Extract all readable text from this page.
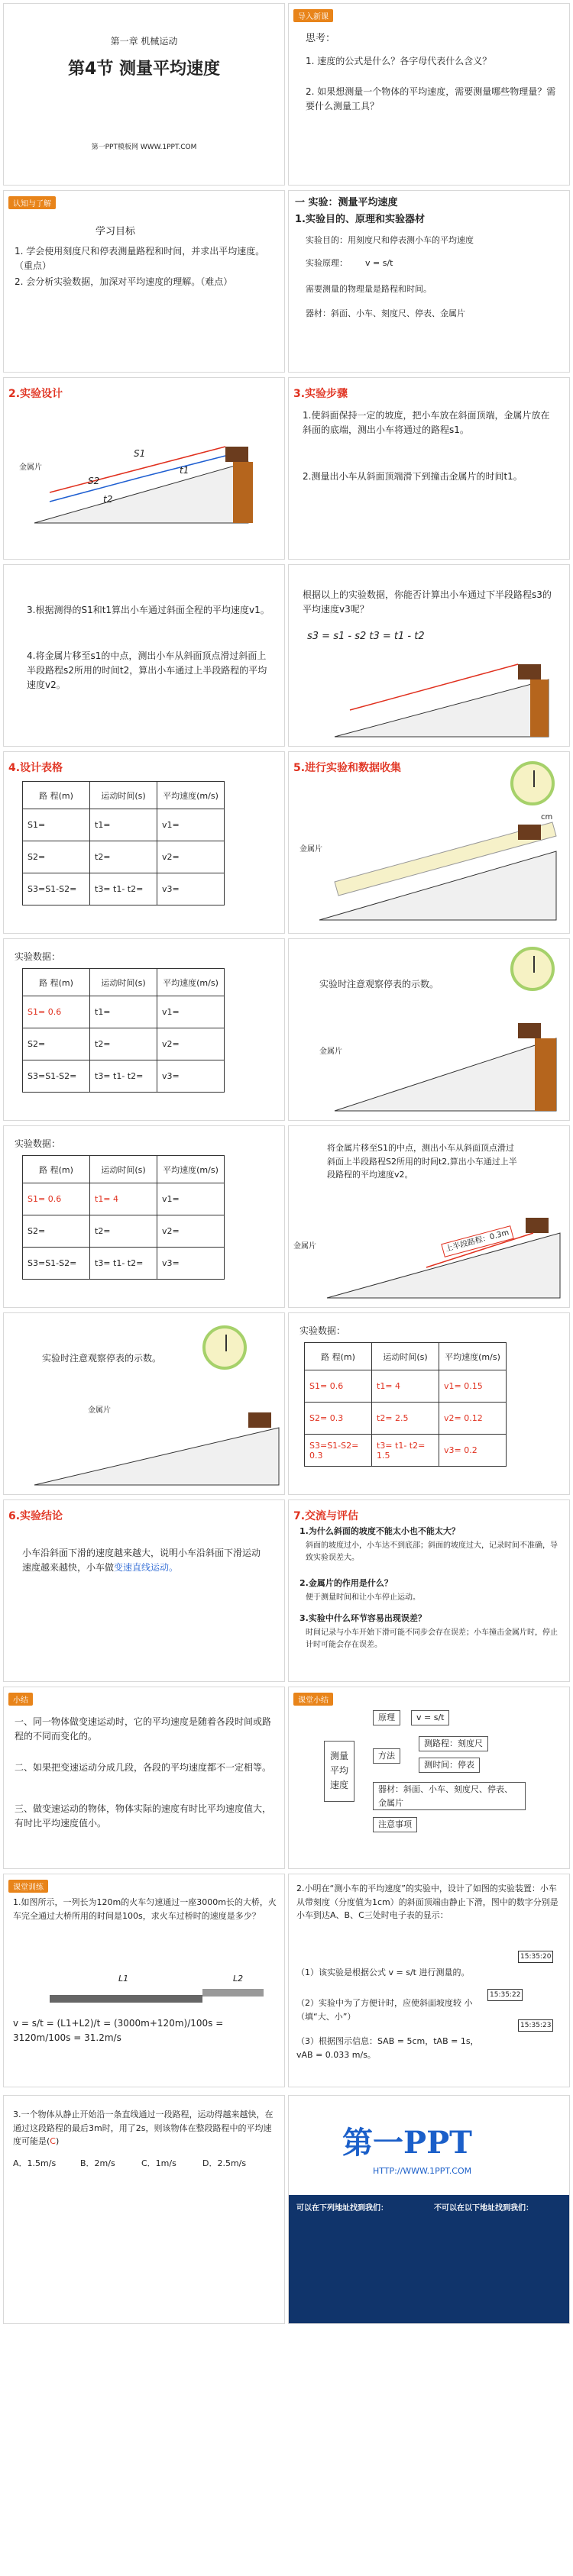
第一章 机械运动
第4节 测量平均速度
第一PPT模板网 WWW.1PPT.COM
导入新课
思考：
1. 速度的公式是什么？各字母代表什么含义？
2. 如果想测量一个物体的平均速度，需要测量哪些物理量？需要什么测量工具？
认知与了解
学习目标
1. 学会使用刻度尺和停表测量路程和时间，并求出平均速度。（重点）
2. 会分析实验数据，加深对平均速度的理解。（难点）
一 实验：测量平均速度
1.实验目的、原理和实验器材
实验目的：用刻度尺和停表测小车的平均速度
实验原理： v = s/t
需要测量的物理量是路程和时间。
器材：斜面、小车、刻度尺、停表、金属片
2.实验设计
金属片
S1
S2
t1
t2
3.实验步骤
1.使斜面保持一定的坡度，把小车放在斜面顶端，金属片放在斜面的底端，测出小车将通过的路程s1。
2.测量出小车从斜面顶端滑下到撞击金属片的时间t1。
3.根据测得的S1和t1算出小车通过斜面全程的平均速度v1。
4.将金属片移至s1的中点，测出小车从斜面顶点滑过斜面上半段路程s2所用的时间t2，算出小车通过上半段路程的平均速度v2。
根据以上的实验数据，你能否计算出小车通过下半段路程s3的平均速度v3呢？
s3 = s1 - s2 t3 = t1 - t2
4.设计表格
路 程(m)	运动时间(s)	平均速度(m/s)
S1=	t1=	v1=
S2=	t2=	v2=
S3=S1-S2=	t3= t1- t2=	v3=
5.进行实验和数据收集
金属片
cm
实验数据：
路 程(m)	运动时间(s)	平均速度(m/s)
S1= 0.6	t1=	v1=
S2=	t2=	v2=
S3=S1-S2=	t3= t1- t2=	v3=
实验时注意观察停表的示数。
金属片
实验数据：
路 程(m)	运动时间(s)	平均速度(m/s)
S1= 0.6	t1= 4	v1=
S2=	t2=	v2=
S3=S1-S2=	t3= t1- t2=	v3=
将金属片移至S1的中点，测出小车从斜面顶点滑过斜面上半段路程S2所用的时间t2,算出小车通过上半段路程的平均速度v2。
金属片	上半段路程：0.3m
实验时注意观察停表的示数。
金属片
实验数据：
路 程(m)	运动时间(s)	平均速度(m/s)
S1= 0.6	t1= 4	v1= 0.15
S2= 0.3	t2= 2.5	v2= 0.12
S3=S1-S2= 0.3	t3= t1- t2= 1.5	v3= 0.2
6.实验结论
小车沿斜面下滑的速度越来越大，说明小车沿斜面下滑运动速度越来越快，小车做变速直线运动。
7.交流与评估
1.为什么斜面的坡度不能太小也不能太大？
斜面的坡度过小，小车达不到底部；斜面的坡度过大，记录时间不准确，导致实验误差大。
2.金属片的作用是什么？
便于测量时间和让小车停止运动。
3.实验中什么环节容易出现误差？
时间记录与小车开始下滑可能不同步会存在误差；小车撞击金属片时，停止计时可能会存在误差。
小结
一、同一物体做变速运动时，它的平均速度是随着各段时间或路程的不同而变化的。
二、如果把变速运动分成几段，各段的平均速度都不一定相等。
三、做变速运动的物体，物体实际的速度有时比平均速度值大，有时比平均速度值小。
课堂小结
测量平均速度
原理	v = s/t
方法
测路程：刻度尺
测时间：停表
器材：斜面、小车、刻度尺、停表、金属片
注意事项
课堂训练
1.如图所示，一列长为120m的火车匀速通过一座3000m长的大桥，火车完全通过大桥所用的时间是100s，求火车过桥时的速度是多少？
L1	L2
v = s/t = (L1+L2)/t = (3000m+120m)/100s = 3120m/100s = 31.2m/s
2.小明在“测小车的平均速度”的实验中，设计了如图的实验装置：小车从带刻度（分度值为1cm）的斜面顶端由静止下滑，图中的数字分别是小车到达A、B、C三处时电子表的显示：
（1）该实验是根据公式 v = s/t 进行测量的。
（2）实验中为了方便计时，应使斜面坡度较 小 （填“大、小”）
（3）根据图示信息：SAB = 5cm，tAB = 1s，vAB = 0.033 m/s。
15:35:20
15:35:22
15:35:23
3.一个物体从静止开始沿一条直线通过一段路程，运动得越来越快，在通过这段路程的最后3m时，用了2s，则该物体在整段路程中的平均速度可能是(C)
A．1.5m/s	B．2m/s	C．1m/s	D．2.5m/s
第一PPT
HTTP://WWW.1PPT.COM
可以在下列地址找到我们：	不可以在以下地址找到我们：
